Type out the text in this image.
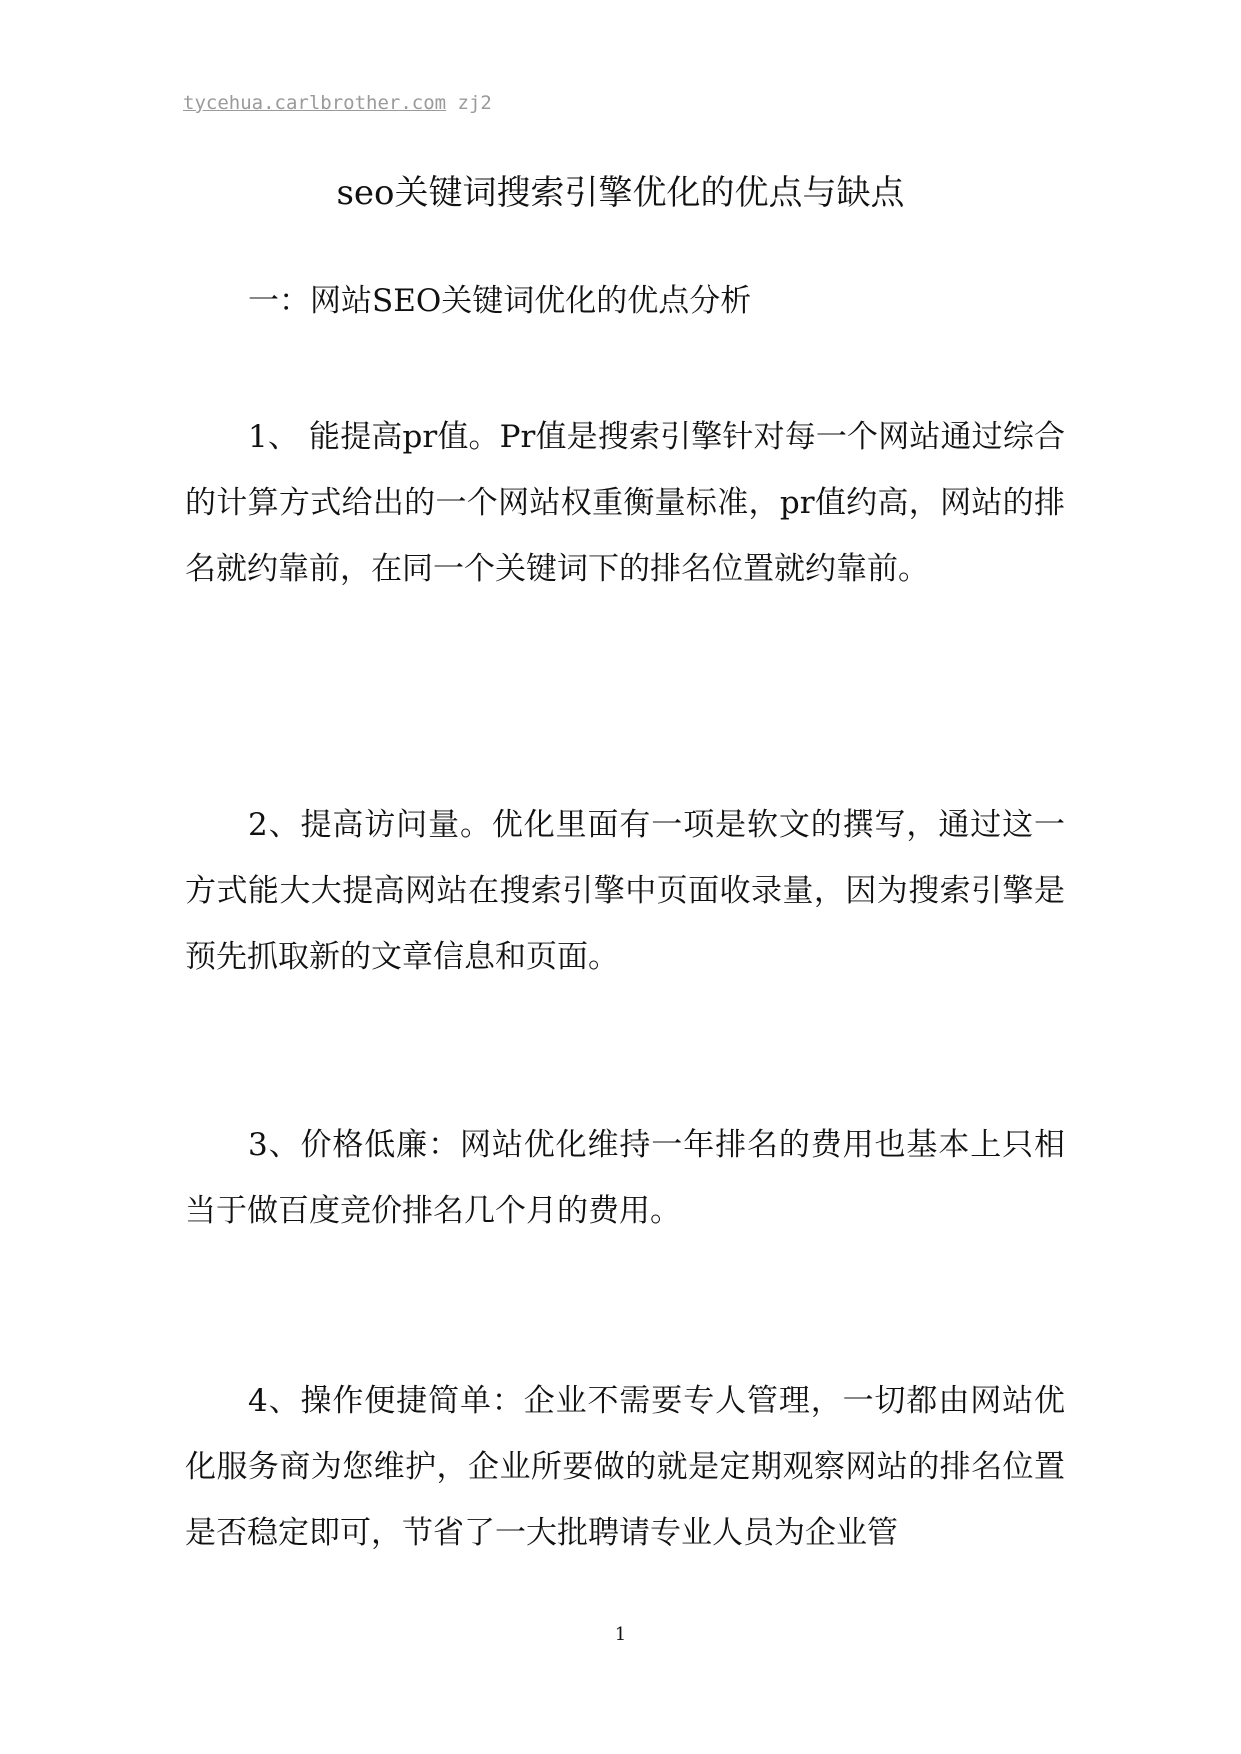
tycehua.carlbrother.com zj2
seo关键词搜索引擎优化的优点与缺点
一：网站SEO关键词优化的优点分析

1、 能提高pr值。Pr值是搜索引擎针对每一个网站通过综合的计算方式给出的一个网站权重衡量标准，pr值约高，网站的排名就约靠前，在同一个关键词下的排名位置就约靠前。

2、提高访问量。优化里面有一项是软文的撰写，通过这一方式能大大提高网站在搜索引擎中页面收录量，因为搜索引擎是预先抓取新的文章信息和页面。

3、价格低廉：网站优化维持一年排名的费用也基本上只相当于做百度竞价排名几个月的费用。

4、操作便捷简单：企业不需要专人管理，一切都由网站优化服务商为您维护，企业所要做的就是定期观察网站的排名位置是否稳定即可，节省了一大批聘请专业人员为企业管

1
